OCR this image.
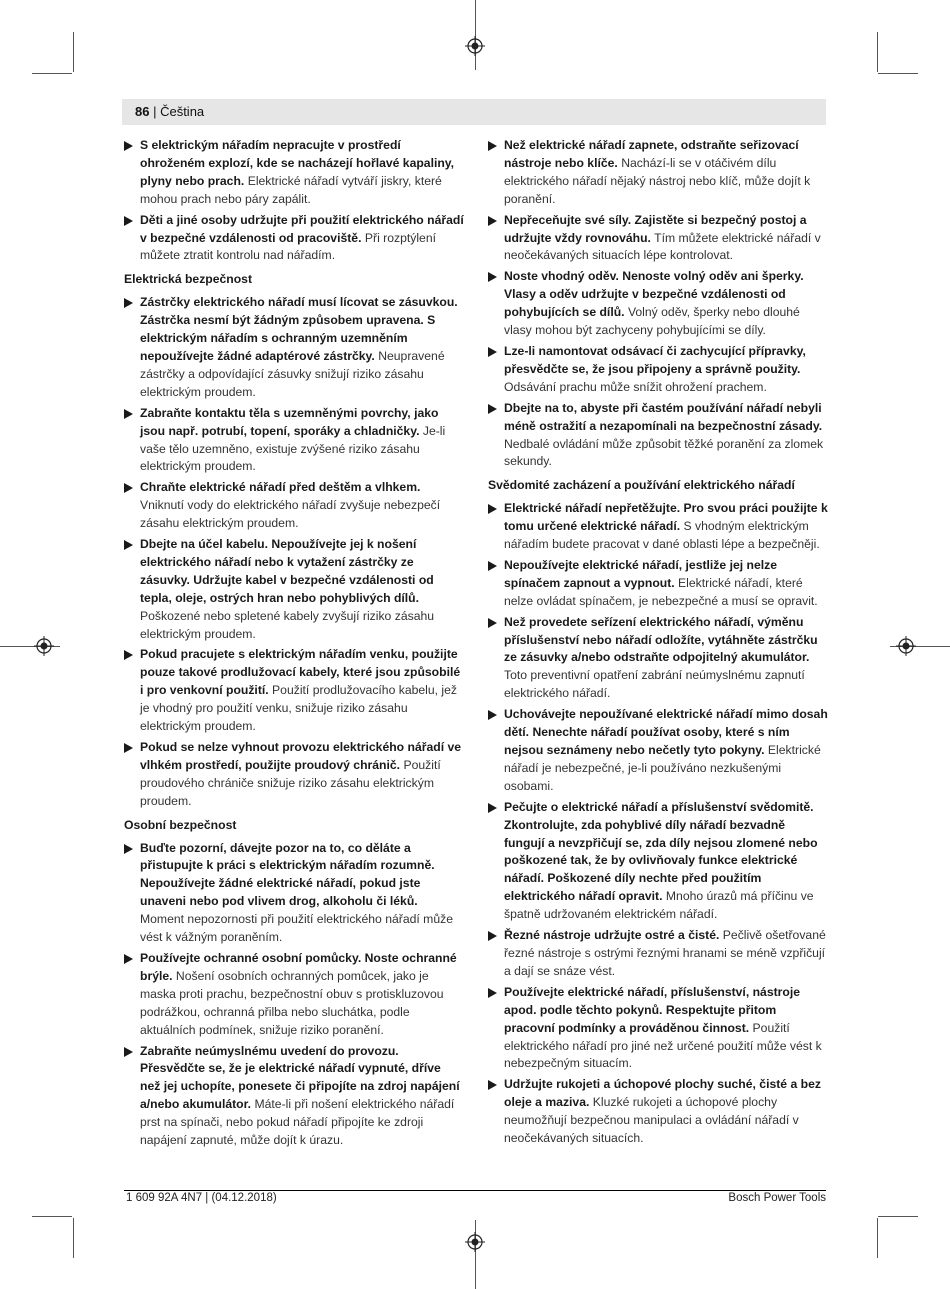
86 | Čeština
S elektrickým nářadím nepracujte v prostředí ohroženém explozí, kde se nacházejí hořlavé kapaliny, plyny nebo prach. Elektrické nářadí vytváří jiskry, které mohou prach nebo páry zapálit.
Děti a jiné osoby udržujte při použití elektrického nářadí v bezpečné vzdálenosti od pracoviště. Při rozptýlení můžete ztratit kontrolu nad nářadím.
Elektrická bezpečnost
Zástrčky elektrického nářadí musí lícovat se zásuvkou. Zástrčka nesmí být žádným způsobem upravena. S elektrickým nářadím s ochranným uzemněním nepoužívejte žádné adaptérové zástrčky. Neupravené zástrčky a odpovídající zásuvky snižují riziko zásahu elektrickým proudem.
Zabraňte kontaktu těla s uzemněnými povrchy, jako jsou např. potrubí, topení, sporáky a chladničky. Je-li vaše tělo uzemněno, existuje zvýšené riziko zásahu elektrickým proudem.
Chraňte elektrické nářadí před deštěm a vlhkem. Vniknutí vody do elektrického nářadí zvyšuje nebezpečí zásahu elektrickým proudem.
Dbejte na účel kabelu. Nepoužívejte jej k nošení elektrického nářadí nebo k vytažení zástrčky ze zásuvky. Udržujte kabel v bezpečné vzdálenosti od tepla, oleje, ostrých hran nebo pohyblivých dílů. Poškozené nebo spletené kabely zvyšují riziko zásahu elektrickým proudem.
Pokud pracujete s elektrickým nářadím venku, použijte pouze takové prodlužovací kabely, které jsou způsobilé i pro venkovní použití. Použití prodlužovacího kabelu, jež je vhodný pro použití venku, snižuje riziko zásahu elektrickým proudem.
Pokud se nelze vyhnout provozu elektrického nářadí ve vlhkém prostředí, použijte proudový chránič. Použití proudového chrániče snižuje riziko zásahu elektrickým proudem.
Osobní bezpečnost
Buďte pozorní, dávejte pozor na to, co děláte a přistupujte k práci s elektrickým nářadím rozumně. Nepoužívejte žádné elektrické nářadí, pokud jste unaveni nebo pod vlivem drog, alkoholu či léků. Moment nepozornosti při použití elektrického nářadí může vést k vážným poraněním.
Používejte ochranné osobní pomůcky. Noste ochranné brýle. Nošení osobních ochranných pomůcek, jako je maska proti prachu, bezpečnostní obuv s protiskluzovou podrážkou, ochranná přilba nebo sluchátka, podle aktuálních podmínek, snižuje riziko poranění.
Zabraňte neúmyslnému uvedení do provozu. Přesvědčte se, že je elektrické nářadí vypnuté, dříve než jej uchopíte, ponesete či připojíte na zdroj napájení a/nebo akumulátor. Máte-li při nošení elektrického nářadí prst na spínači, nebo pokud nářadí připojíte ke zdroji napájení zapnuté, může dojít k úrazu.
Než elektrické nářadí zapnete, odstraňte seřizovací nástroje nebo klíče. Nachází-li se v otáčivém dílu elektrického nářadí nějaký nástroj nebo klíč, může dojít k poranění.
Nepřeceňujte své síly. Zajistěte si bezpečný postoj a udržujte vždy rovnováhu. Tím můžete elektrické nářadí v neočekávaných situacích lépe kontrolovat.
Noste vhodný oděv. Nenoste volný oděv ani šperky. Vlasy a oděv udržujte v bezpečné vzdálenosti od pohybujících se dílů. Volný oděv, šperky nebo dlouhé vlasy mohou být zachyceny pohybujícími se díly.
Lze-li namontovat odsávací či zachycující přípravky, přesvědčte se, že jsou připojeny a správně použity. Odsávání prachu může snížit ohrožení prachem.
Dbejte na to, abyste při častém používání nářadí nebyli méně ostražití a nezapomínali na bezpečnostní zásady. Nedbalé ovládání může způsobit těžké poranění za zlomek sekundy.
Svědomité zacházení a používání elektrického nářadí
Elektrické nářadí nepřetěžujte. Pro svou práci použijte k tomu určené elektrické nářadí. S vhodným elektrickým nářadím budete pracovat v dané oblasti lépe a bezpečněji.
Nepoužívejte elektrické nářadí, jestliže jej nelze spínačem zapnout a vypnout. Elektrické nářadí, které nelze ovládat spínačem, je nebezpečné a musí se opravit.
Než provedete seřízení elektrického nářadí, výměnu příslušenství nebo nářadí odložíte, vytáhněte zástrčku ze zásuvky a/nebo odstraňte odpojitelný akumulátor. Toto preventivní opatření zabrání neúmyslnému zapnutí elektrického nářadí.
Uchovávejte nepoužívané elektrické nářadí mimo dosah dětí. Nenechte nářadí používat osoby, které s ním nejsou seznámeny nebo nečetly tyto pokyny. Elektrické nářadí je nebezpečné, je-li používáno nezkušenými osobami.
Pečujte o elektrické nářadí a příslušenství svědomitě. Zkontrolujte, zda pohyblivé díly nářadí bezvadně fungují a nevzpřičují se, zda díly nejsou zlomené nebo poškozené tak, že by ovlivňovaly funkce elektrické nářadí. Poškozené díly nechte před použitím elektrického nářadí opravit. Mnoho úrazů má příčinu ve špatně udržovaném elektrickém nářadí.
Řezné nástroje udržujte ostré a čisté. Pečlivě ošetřované řezné nástroje s ostrými řeznými hranami se méně vzpřičují a dají se snáze vést.
Používejte elektrické nářadí, příslušenství, nástroje apod. podle těchto pokynů. Respektujte přitom pracovní podmínky a prováděnou činnost. Použití elektrického nářadí pro jiné než určené použití může vést k nebezpečným situacím.
Udržujte rukojeti a úchopové plochy suché, čisté a bez oleje a maziva. Kluzké rukojeti a úchopové plochy neumožňují bezpečnou manipulaci a ovládání nářadí v neočekávaných situacích.
1 609 92A 4N7 | (04.12.2018)	Bosch Power Tools
